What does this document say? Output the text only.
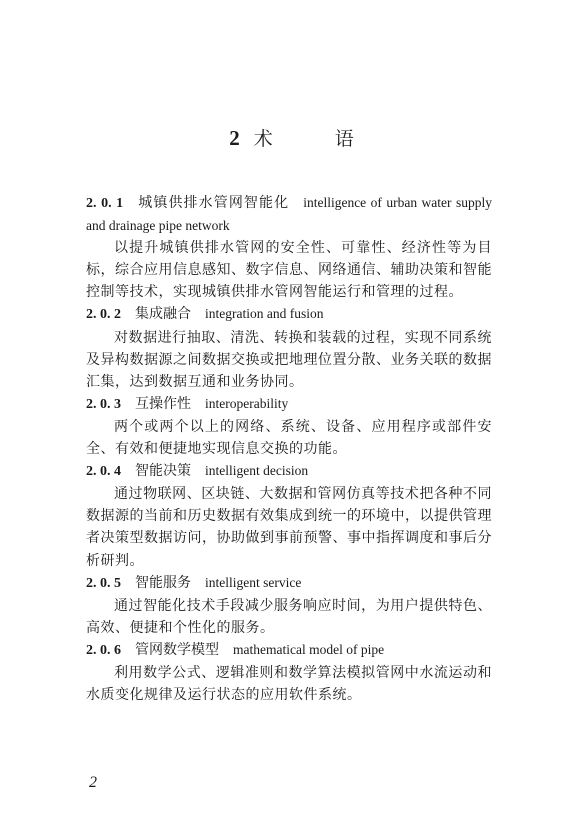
2 术 语
2. 0. 1 城镇供排水管网智能化 intelligence of urban water supply and drainage pipe network

以提升城镇供排水管网的安全性、可靠性、经济性等为目标，综合应用信息感知、数字信息、网络通信、辅助决策和智能控制等技术，实现城镇供排水管网智能运行和管理的过程。

2. 0. 2 集成融合 integration and fusion

对数据进行抽取、清洗、转换和装载的过程，实现不同系统及异构数据源之间数据交换或把地理位置分散、业务关联的数据汇集，达到数据互通和业务协同。

2. 0. 3 互操作性 interoperability

两个或两个以上的网络、系统、设备、应用程序或部件安全、有效和便捷地实现信息交换的功能。

2. 0. 4 智能决策 intelligent decision

通过物联网、区块链、大数据和管网仿真等技术把各种不同数据源的当前和历史数据有效集成到统一的环境中，以提供管理者决策型数据访问，协助做到事前预警、事中指挥调度和事后分析研判。

2. 0. 5 智能服务 intelligent service

通过智能化技术手段减少服务响应时间，为用户提供特色、高效、便捷和个性化的服务。

2. 0. 6 管网数学模型 mathematical model of pipe

利用数学公式、逻辑准则和数学算法模拟管网中水流运动和水质变化规律及运行状态的应用软件系统。

2
